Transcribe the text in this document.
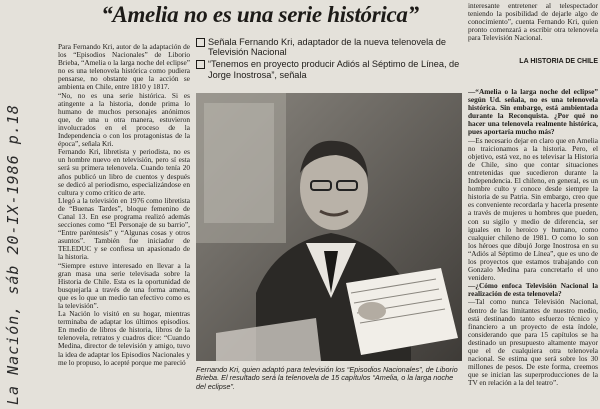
La Nación, sáb 20-IX-1986 p.18
“Amelia no es una serie histórica”

Para Fernando Kri, autor de la adaptación de los “Episodios Nacionales” de Liborio Brieba, “Amelia o la larga noche del eclipse” no es una telenovela histórica como pudiera pensarse, no obstante que la acción se ambienta en Chile, entre 1810 y 1817.

“No, no es una serie histórica. Si es atingente a la historia, donde prima lo humano de muchos personajes anónimos que, de una u otra manera, estuvieron involucrados en el proceso de la Independencia o con los protagonistas de la época”, señala Kri.

Fernando Kri, libretista y periodista, no es un hombre nuevo en televisión, pero sí esta será su primera telenovela. Cuando tenía 20 años publicó un libro de cuentos y después se dedicó al periodismo, especializándose en cultura y como crítico de arte.

Llegó a la televisión en 1976 como libretista de “Buenas Tardes”, bloque femenino de Canal 13. En ese programa realizó además secciones como “El Personaje de su barrio”, “Entre paréntesis” y “Algunas cosas y otros asuntos”. También fue iniciador de TELEDUC y se confiesa un apasionado de la historia.

“Siempre estuve interesado en llevar a la gran masa una serie televisada sobre la Historia de Chile. Esta es la oportunidad de busquejarla a través de una forma amena, que es lo que un medio tan efectivo como es la televisión”.

La Nación lo visitó en su hogar, mientras terminaba de adaptar los últimos episodios. En medio de libros de historia, libros de la telenovela, retratos y cuadros dice: “Cuando Medina, director de televisión y amigo, tuvo la idea de adaptar los Episodios Nacionales y me lo propuso, lo acepté porque me pareció

Señala Fernando Kri, adaptador de la nueva telenovela de Televisión Nacional
“Tenemos en proyecto producir Adiós al Séptimo de Línea, de Jorge Inostrosa”, señala
Fernando Kri, quien adaptó para televisión los “Episodios Nacionales”, de Liborio Brieba. El resultado será la telenovela de 15 capítulos “Amelia, o la larga noche del eclipse”.
interesante entretener al telespectador teniendo la posibilidad de dejarle algo de conocimiento”, cuenta Fernando Kri, quien pronto comenzará a escribir otra telenovela para Televisión Nacional.
LA HISTORIA DE CHILE

—“Amelia o la larga noche del eclipse” según Ud. señala, no es una telenovela histórica. Sin embargo, está ambientada durante la Reconquista. ¿Por qué no hacer una telenovela realmente histórica, pues aportaría mucho más?

—Es necesario dejar en claro que en Amelia no traicionamos a la historia. Pero, el objetivo, está vez, no es televisar la Historia de Chile, sino que contar situaciones entretenidas que sucedieron durante la Independencia. El chileno, en general, es un hombre culto y conoce desde siempre la historia de su Patria. Sin embargo, creo que es conveniente recordarla y hacerla presente a través de mujeres u hombres que pueden, con su sigilo y medio de diferencia, ser iguales en lo heroico y humano, como cualquier chileno de 1981. O como lo son los héroes que dibujó Jorge Inostrosa en su “Adiós al Séptimo de Línea”, que es uno de los proyectos que estamos trabajando con Gonzalo Medina para concretarlo el uno venidero.

—¿Cómo enfoca Televisión Nacional la realización de esta telenovela?

—Tal como nunca Televisión Nacional, dentro de las limitantes de nuestro medio, está destinando tanto esfuerzo técnico y financiero a un proyecto de esta índole, considerando que para 15 capítulos se ha destinado un presupuesto altamente mayor que el de cualquiera otra telenovela nacional. Se estima que será sobre los 30 millones de pesos. De este forma, creemos que se inician las superproducciones de la TV en relación a la del teatro”.
